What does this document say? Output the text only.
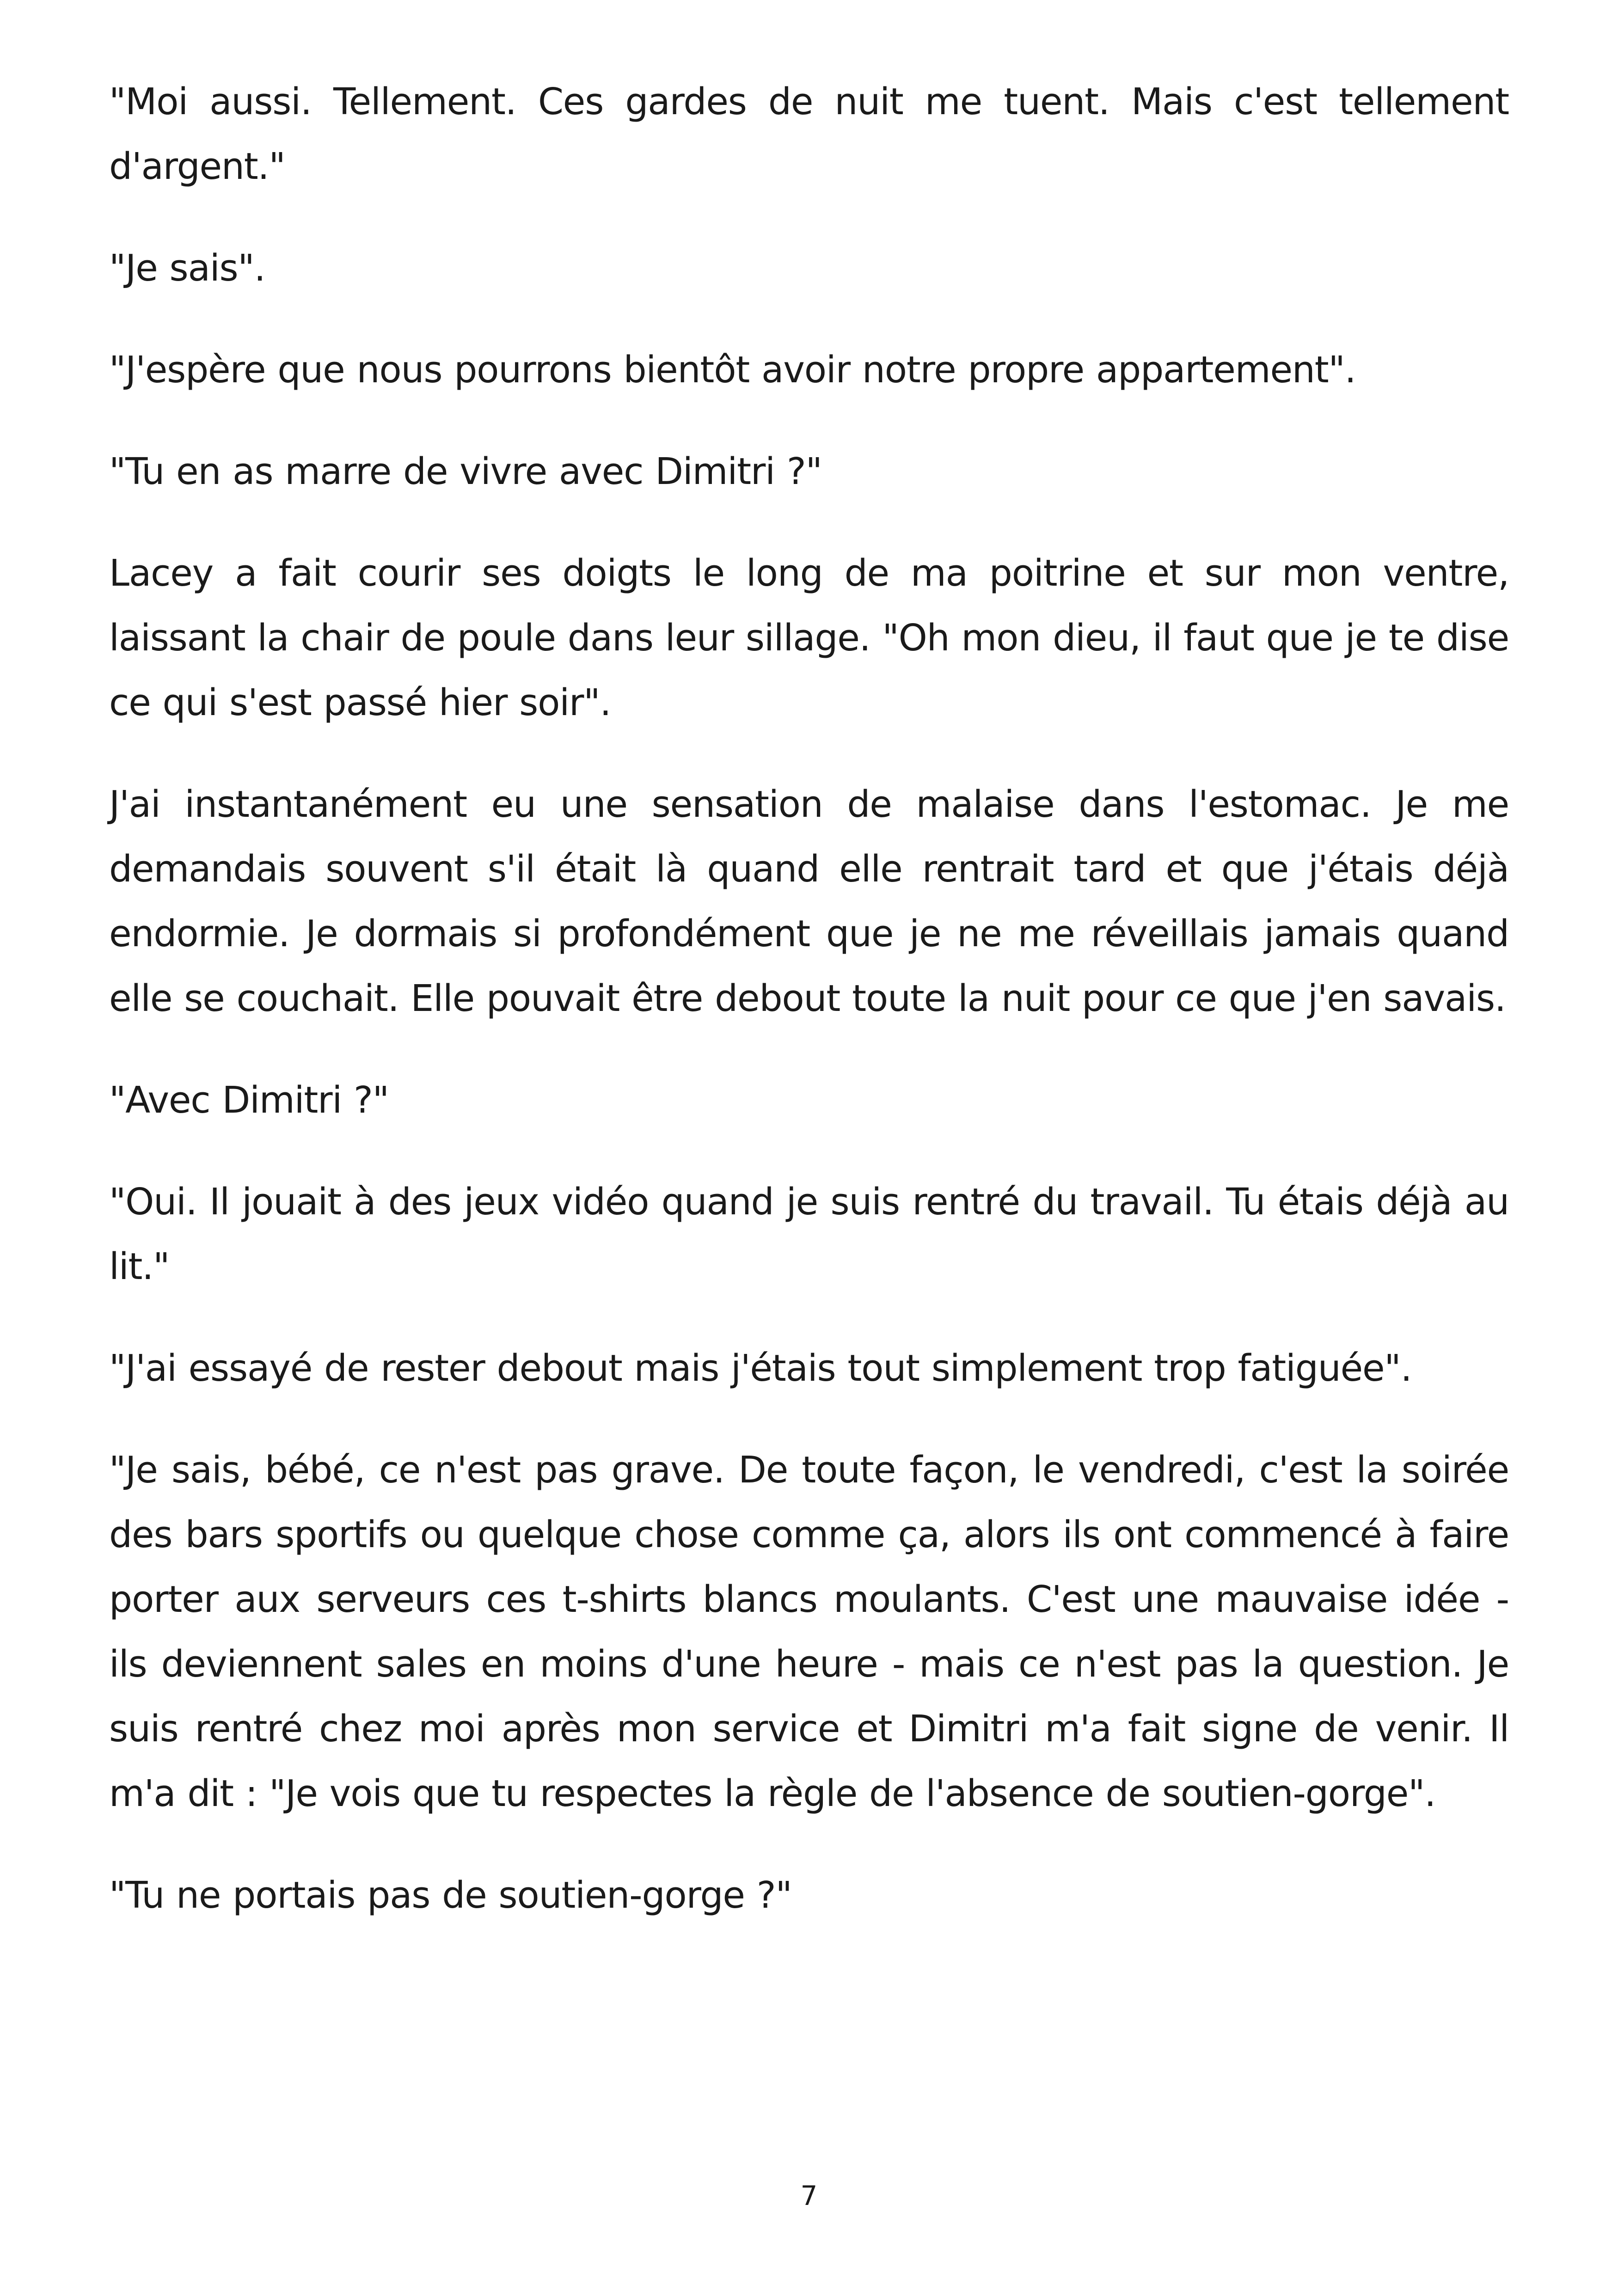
"Moi aussi. Tellement. Ces gardes de nuit me tuent. Mais c'est tellement d'argent."

"Je sais".

"J'espère que nous pourrons bientôt avoir notre propre appartement".

"Tu en as marre de vivre avec Dimitri ?"

Lacey a fait courir ses doigts le long de ma poitrine et sur mon ventre, laissant la chair de poule dans leur sillage. "Oh mon dieu, il faut que je te dise ce qui s'est passé hier soir".

J'ai instantanément eu une sensation de malaise dans l'estomac. Je me demandais souvent s'il était là quand elle rentrait tard et que j'étais déjà endormie. Je dormais si profondément que je ne me réveillais jamais quand elle se couchait. Elle pouvait être debout toute la nuit pour ce que j'en savais.

"Avec Dimitri ?"

"Oui. Il jouait à des jeux vidéo quand je suis rentré du travail. Tu étais déjà au lit."

"J'ai essayé de rester debout mais j'étais tout simplement trop fatiguée".

"Je sais, bébé, ce n'est pas grave. De toute façon, le vendredi, c'est la soirée des bars sportifs ou quelque chose comme ça, alors ils ont commencé à faire porter aux serveurs ces t-shirts blancs moulants. C'est une mauvaise idée - ils deviennent sales en moins d'une heure - mais ce n'est pas la question. Je suis rentré chez moi après mon service et Dimitri m'a fait signe de venir. Il m'a dit : "Je vois que tu respectes la règle de l'absence de soutien-gorge".

"Tu ne portais pas de soutien-gorge ?"

7
